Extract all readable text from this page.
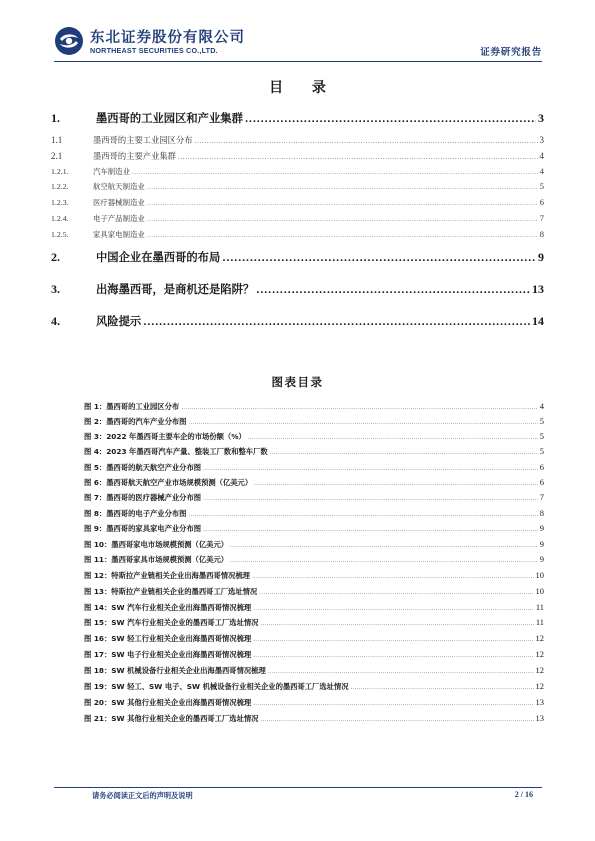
东北证券股份有限公司
NORTHEAST SECURITIES CO.,LTD.	证券研究报告
目 录
1.	墨西哥的工业园区和产业集群 .....	3
1.1	墨西哥的主要工业园区分布 .....	3
2.1	墨西哥的主要产业集群 .....	4
1.2.1.	汽车制造业 .....	4
1.2.2.	航空航天制造业 .....	5
1.2.3.	医疗器械制造业 .....	6
1.2.4.	电子产品制造业 .....	7
1.2.5.	家具家电制造业 .....	8
2.	中国企业在墨西哥的布局 .....	9
3.	出海墨西哥，是商机还是陷阱？ .....	13
4.	风险提示 .....	14
图表目录
图 1：墨西哥的工业园区分布 .....	4
图 2：墨西哥的汽车产业分布图 .....	5
图 3：2022 年墨西哥主要车企的市场份额（%） .....	5
图 4：2023 年墨西哥汽车产量、整装工厂数和整车厂数 .....	5
图 5：墨西哥的航天航空产业分布图 .....	6
图 6：墨西哥航天航空产业市场规模预测（亿美元） .....	6
图 7：墨西哥的医疗器械产业分布图 .....	7
图 8：墨西哥的电子产业分布图 .....	8
图 9：墨西哥的家具家电产业分布图 .....	9
图 10：墨西哥家电市场规模预测（亿美元） .....	9
图 11：墨西哥家具市场规模预测（亿美元） .....	9
图 12：特斯拉产业链相关企业出海墨西哥情况梳理 .....	10
图 13：特斯拉产业链相关企业的墨西哥工厂选址情况 .....	10
图 14：SW 汽车行业相关企业出海墨西哥情况梳理 .....	11
图 15：SW 汽车行业相关企业的墨西哥工厂选址情况 .....	11
图 16：SW 轻工行业相关企业出海墨西哥情况梳理 .....	12
图 17：SW 电子行业相关企业出海墨西哥情况梳理 .....	12
图 18：SW 机械设备行业相关企业出海墨西哥情况梳理 .....	12
图 19：SW 轻工、SW 电子、SW 机械设备行业相关企业的墨西哥工厂选址情况 .....	12
图 20：SW 其他行业相关企业出海墨西哥情况梳理 .....	13
图 21：SW 其他行业相关企业的墨西哥工厂选址情况 .....	13
请务必阅读正文后的声明及说明	2 / 16
